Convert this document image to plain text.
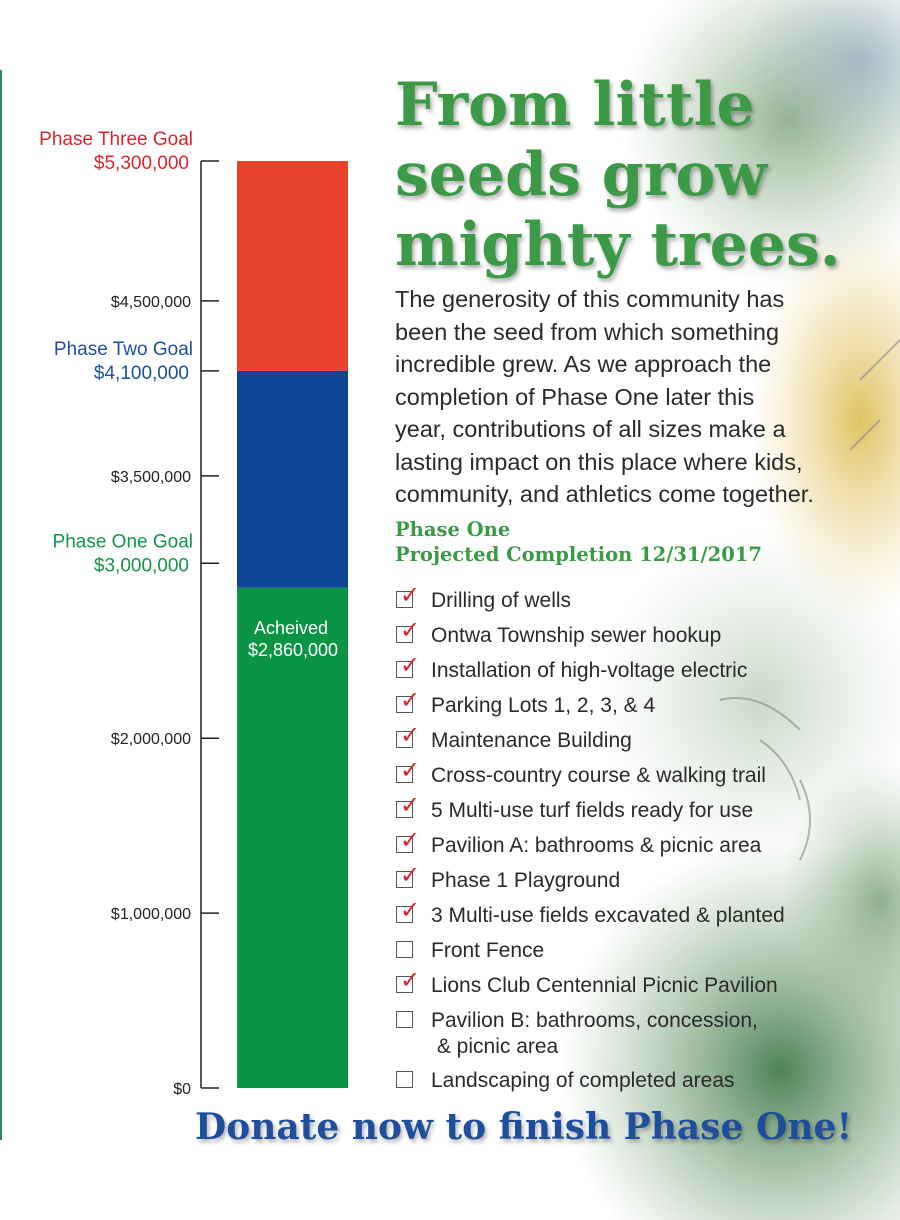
$0
$1,000,000
$2,000,000
$3,500,000
$4,500,000
Phase Three Goal
$5,300,000
Phase Two Goal
$4,100,000
Phase One Goal
$3,000,000
Acheived
$2,860,000
From little
seeds grow
mighty trees.

The generosity of this community has
been the seed from which something
incredible grew. As we approach the
completion of Phase One later this
year, contributions of all sizes make a
lasting impact on this place where kids,
community, and athletics come together.

Phase One
Projected Completion 12/31/2017
✓ Drilling of wells
✓ Ontwa Township sewer hookup
✓ Installation of high-voltage electric
✓ Parking Lots 1, 2, 3, & 4
✓ Maintenance Building
✓ Cross-country course & walking trail
✓ 5 Multi-use turf fields ready for use
✓ Pavilion A: bathrooms & picnic area
✓ Phase 1 Playground
✓ 3 Multi-use fields excavated & planted
Front Fence
✓ Lions Club Centennial Picnic Pavilion
Pavilion B: bathrooms, concession,
& picnic area
Landscaping of completed areas

Donate now to finish Phase One!
